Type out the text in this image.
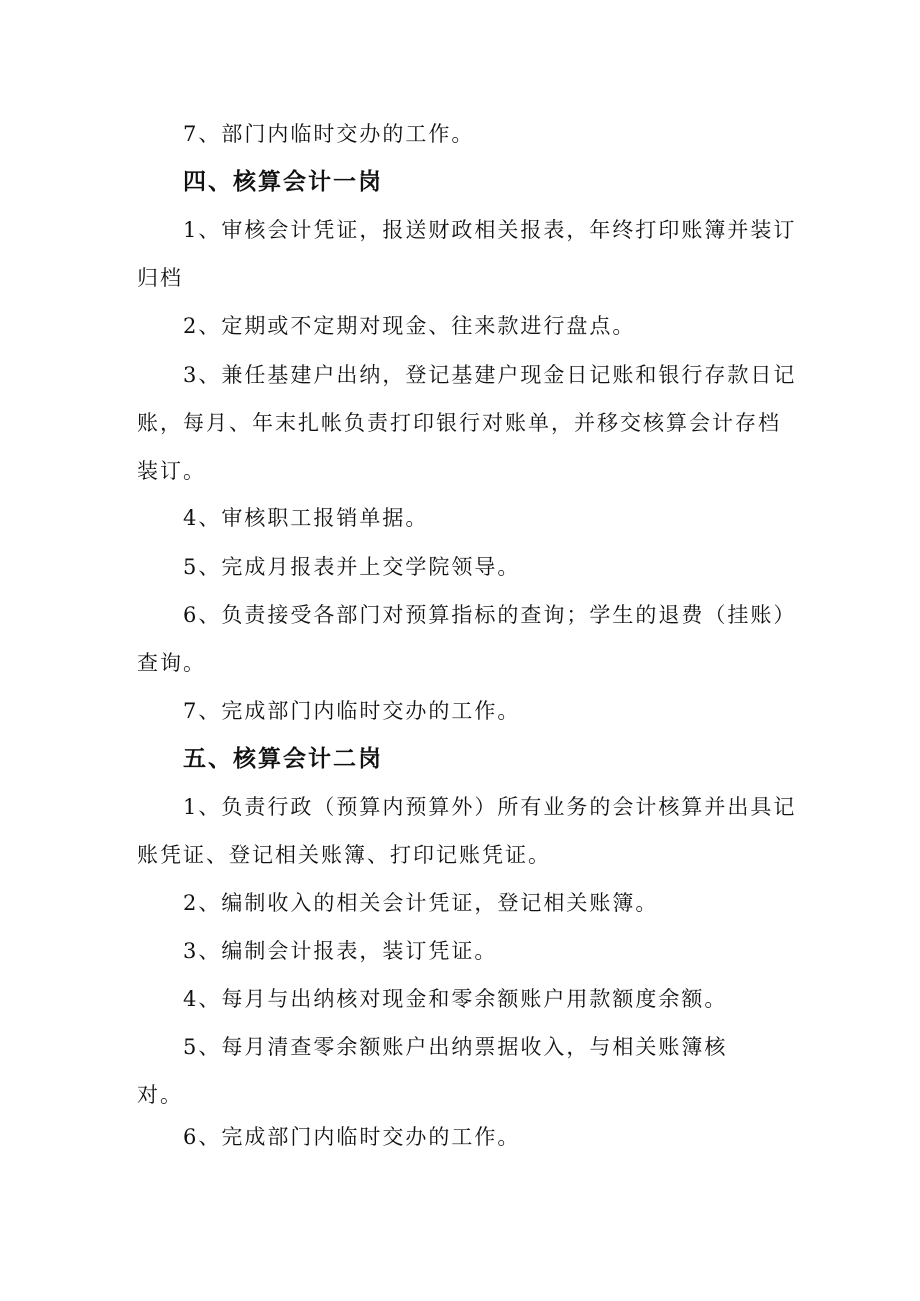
7、部门内临时交办的工作。

四、核算会计一岗

1、审核会计凭证，报送财政相关报表，年终打印账簿并装订归档

2、定期或不定期对现金、往来款进行盘点。

3、兼任基建户出纳，登记基建户现金日记账和银行存款日记账，每月、年末扎帐负责打印银行对账单，并移交核算会计存档装订。

4、审核职工报销单据。

5、完成月报表并上交学院领导。

6、负责接受各部门对预算指标的查询；学生的退费（挂账）查询。

7、完成部门内临时交办的工作。

五、核算会计二岗

1、负责行政（预算内预算外）所有业务的会计核算并出具记账凭证、登记相关账簿、打印记账凭证。

2、编制收入的相关会计凭证，登记相关账簿。

3、编制会计报表，装订凭证。

4、每月与出纳核对现金和零余额账户用款额度余额。

5、每月清查零余额账户出纳票据收入，与相关账簿核对。

6、完成部门内临时交办的工作。
